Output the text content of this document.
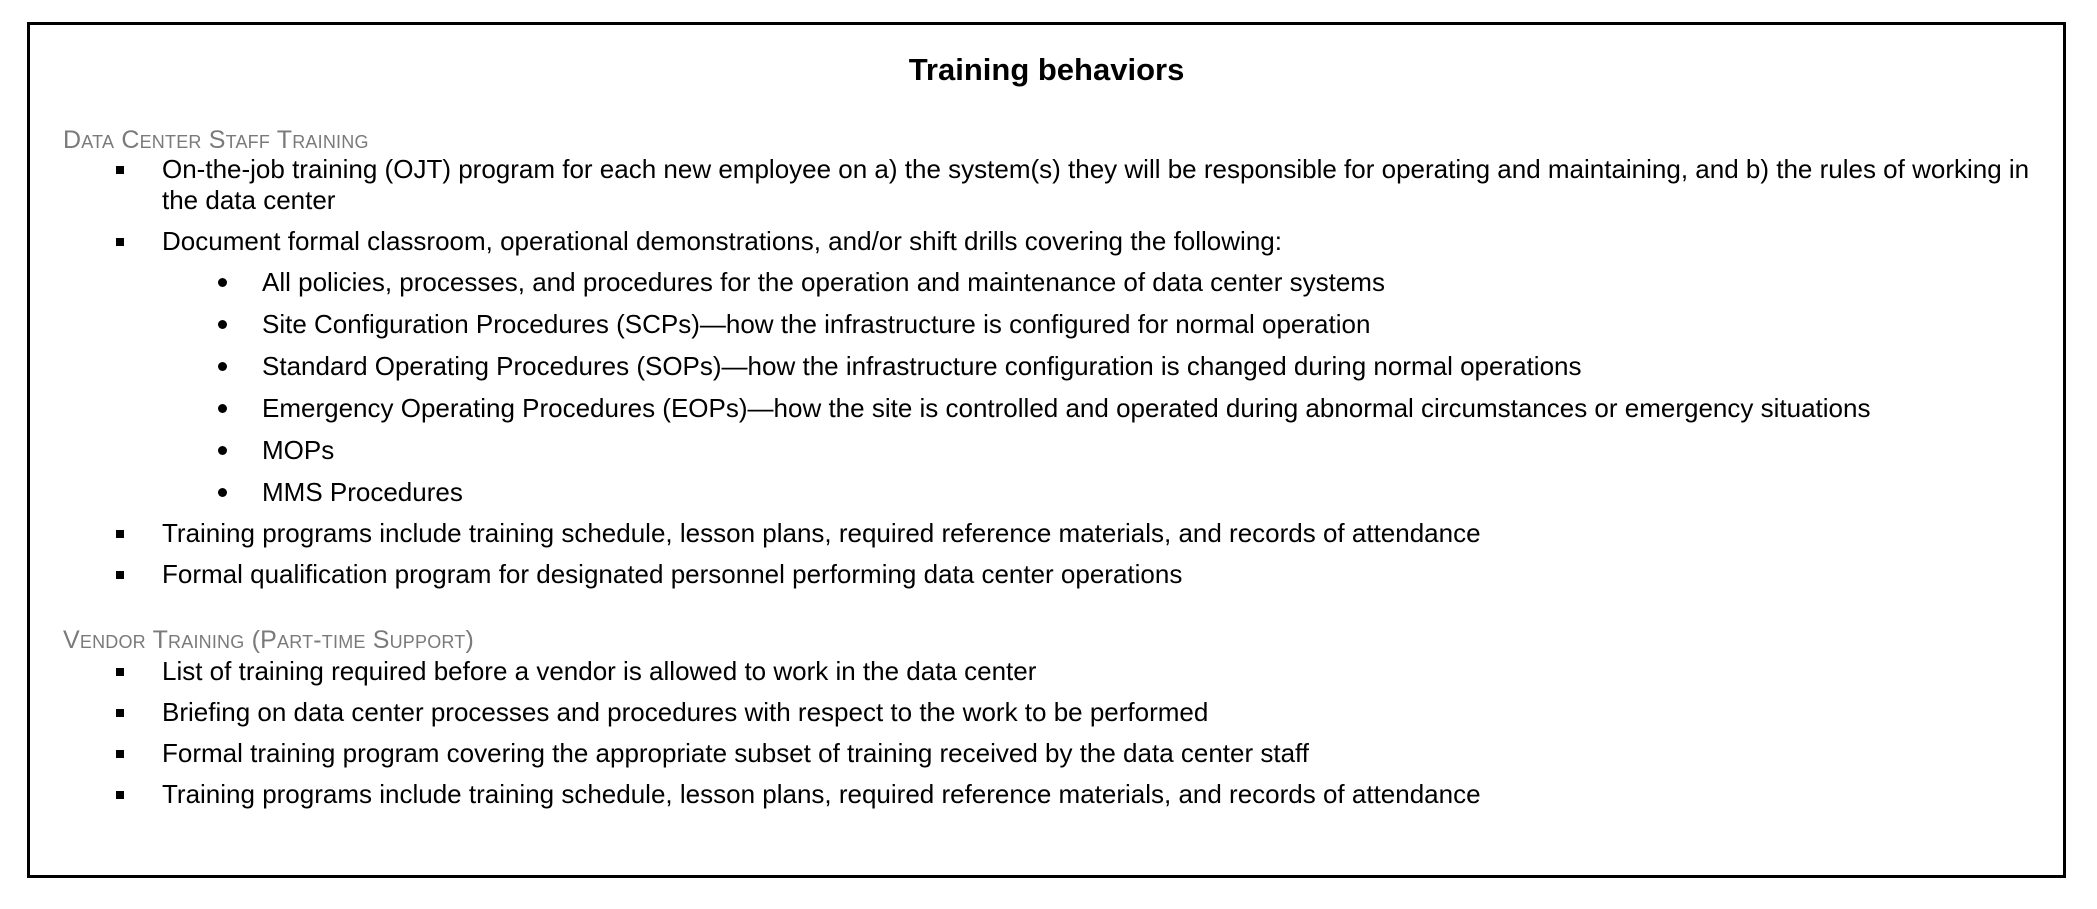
Training behaviors
Data Center Staff Training
On-the-job training (OJT) program for each new employee on a) the system(s) they will be responsible for operating and maintaining, and b) the rules of working in the data center
Document formal classroom, operational demonstrations, and/or shift drills covering the following:
All policies, processes, and procedures for the operation and maintenance of data center systems
Site Configuration Procedures (SCPs)—how the infrastructure is configured for normal operation
Standard Operating Procedures (SOPs)—how the infrastructure configuration is changed during normal operations
Emergency Operating Procedures (EOPs)—how the site is controlled and operated during abnormal circumstances or emergency situations
MOPs
MMS Procedures
Training programs include training schedule, lesson plans, required reference materials, and records of attendance
Formal qualification program for designated personnel performing data center operations
Vendor Training (Part-time Support)
List of training required before a vendor is allowed to work in the data center
Briefing on data center processes and procedures with respect to the work to be performed
Formal training program covering the appropriate subset of training received by the data center staff
Training programs include training schedule, lesson plans, required reference materials, and records of attendance
